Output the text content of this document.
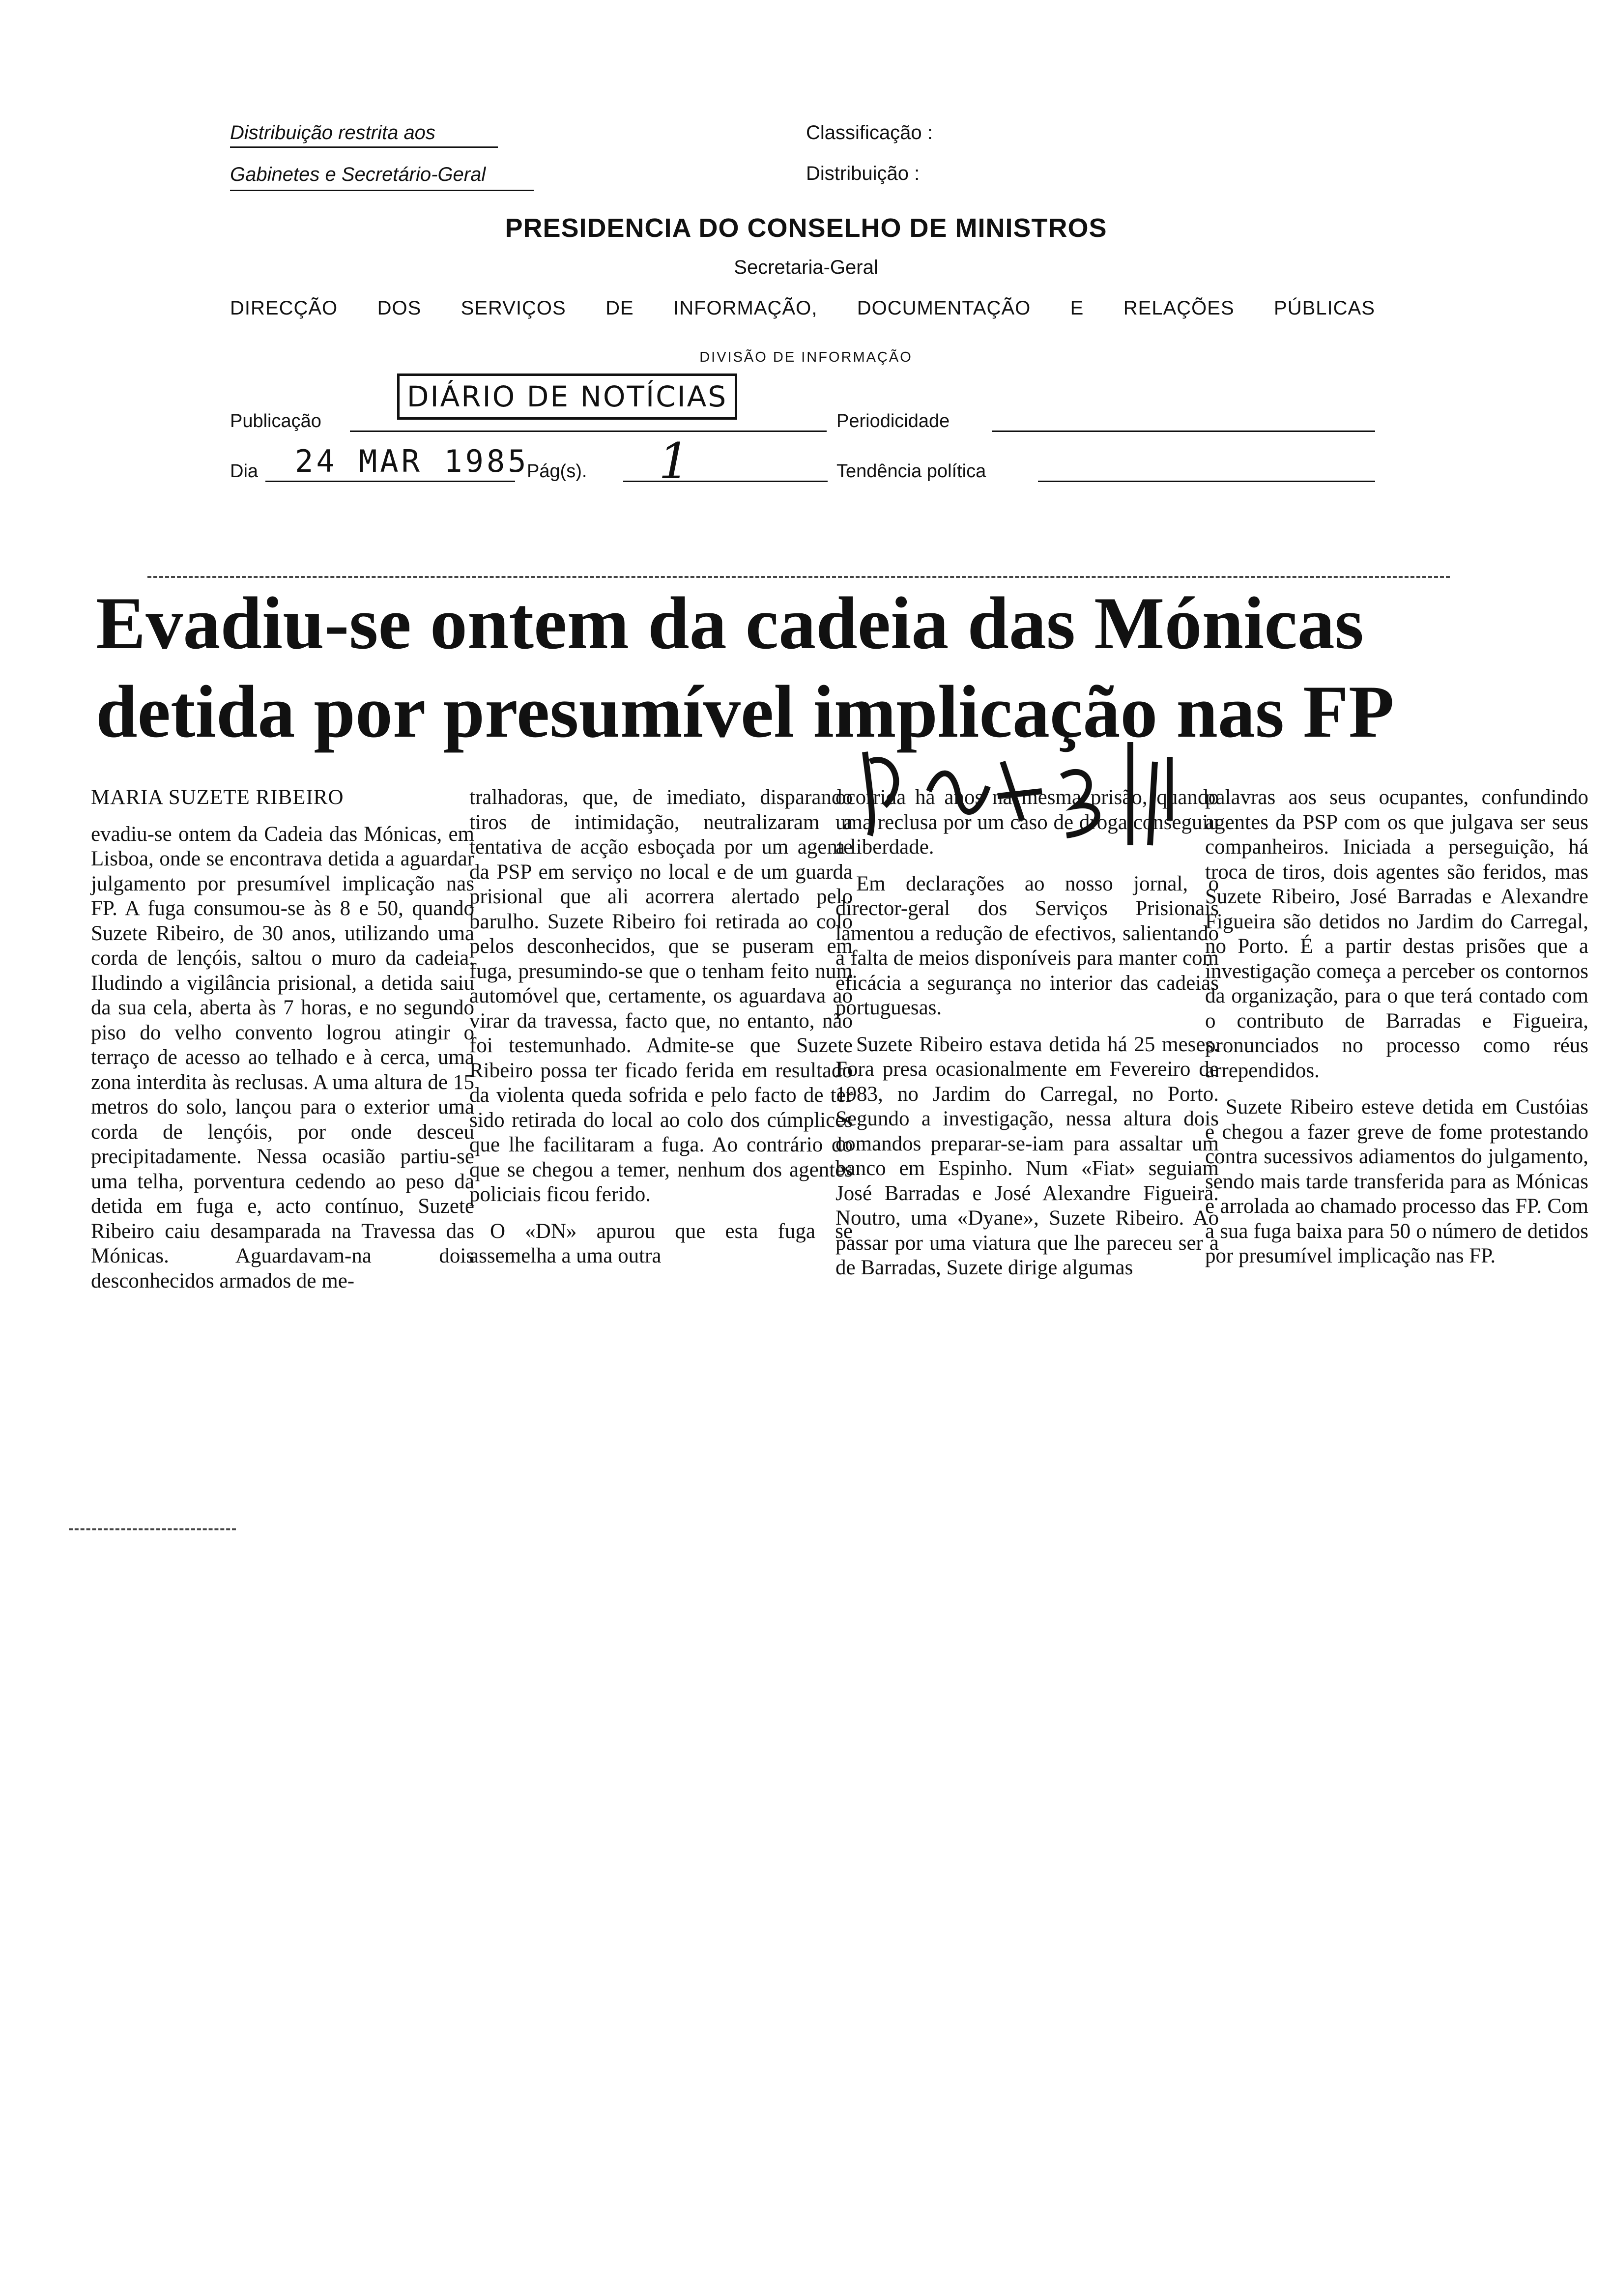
Distribuição restrita aos
Gabinetes e Secretário-Geral
Classificação :
Distribuição :
PRESIDENCIA DO CONSELHO DE MINISTROS
Secretaria-Geral
DIRECÇÃO DOS SERVIÇOS DE INFORMAÇÃO, DOCUMENTAÇÃO E RELAÇÕES PÚBLICAS
DIVISÃO DE INFORMAÇÃO
Publicação
DIÁRIO DE NOTÍCIAS
Periodicidade
Dia 24 MAR 1985
Pág(s). 1	Tendência política
Evadiu-se ontem da cadeia das Mónicas
detida por presumível implicação nas FP

MARIA SUZETE RIBEIRO

evadiu-se ontem da Cadeia das Mónicas, em Lisboa, onde se encontrava detida a aguardar julgamento por presumível implicação nas FP. A fuga consumou-se às 8 e 50, quando Suzete Ribeiro, de 30 anos, utilizando uma corda de lençóis, saltou o muro da cadeia. Iludindo a vigilância prisional, a detida saiu da sua cela, aberta às 7 horas, e no segundo piso do velho convento logrou atingir o terraço de acesso ao telhado e à cerca, uma zona interdita às reclusas. A uma altura de 15 metros do solo, lançou para o exterior uma corda de lençóis, por onde desceu precipitadamente. Nessa ocasião partiu-se uma telha, porventura cedendo ao peso da detida em fuga e, acto contínuo, Suzete Ribeiro caiu desamparada na Travessa das Mónicas. Aguardavam-na dois desconhecidos armados de me-

tralhadoras, que, de imediato, disparando tiros de intimidação, neutralizaram a tentativa de acção esboçada por um agente da PSP em serviço no local e de um guarda prisional que ali acorrera alertado pelo barulho. Suzete Ribeiro foi retirada ao colo pelos desconhecidos, que se puseram em fuga, presumindo-se que o tenham feito num automóvel que, certamente, os aguardava ao virar da travessa, facto que, no entanto, não foi testemunhado. Admite-se que Suzete Ribeiro possa ter ficado ferida em resultado da violenta queda sofrida e pelo facto de ter sido retirada do local ao colo dos cúmplices que lhe facilitaram a fuga. Ao contrário do que se chegou a temer, nenhum dos agentes policiais ficou ferido.

O «DN» apurou que esta fuga se assemelha a uma outra

ocorrida há anos na mesma prisão, quando uma reclusa por um caso de droga conseguiu a liberdade.

Em declarações ao nosso jornal, o director-geral dos Serviços Prisionais lamentou a redução de efectivos, salientando a falta de meios disponíveis para manter com eficácia a segurança no interior das cadeias portuguesas.

Suzete Ribeiro estava detida há 25 meses. Fora presa ocasionalmente em Fevereiro de 1983, no Jardim do Carregal, no Porto. Segundo a investigação, nessa altura dois comandos preparar-se-iam para assaltar um banco em Espinho. Num «Fiat» seguiam José Barradas e José Alexandre Figueira. Noutro, uma «Dyane», Suzete Ribeiro. Ao passar por uma viatura que lhe pareceu ser a de Barradas, Suzete dirige algumas

palavras aos seus ocupantes, confundindo agentes da PSP com os que julgava ser seus companheiros. Iniciada a perseguição, há troca de tiros, dois agentes são feridos, mas Suzete Ribeiro, José Barradas e Alexandre Figueira são detidos no Jardim do Carregal, no Porto. É a partir destas prisões que a investigação começa a perceber os contornos da organização, para o que terá contado com o contributo de Barradas e Figueira, pronunciados no processo como réus arrependidos.

Suzete Ribeiro esteve detida em Custóias e chegou a fazer greve de fome protestando contra sucessivos adiamentos do julgamento, sendo mais tarde transferida para as Mónicas e arrolada ao chamado processo das FP. Com a sua fuga baixa para 50 o número de detidos por presumível implicação nas FP.
